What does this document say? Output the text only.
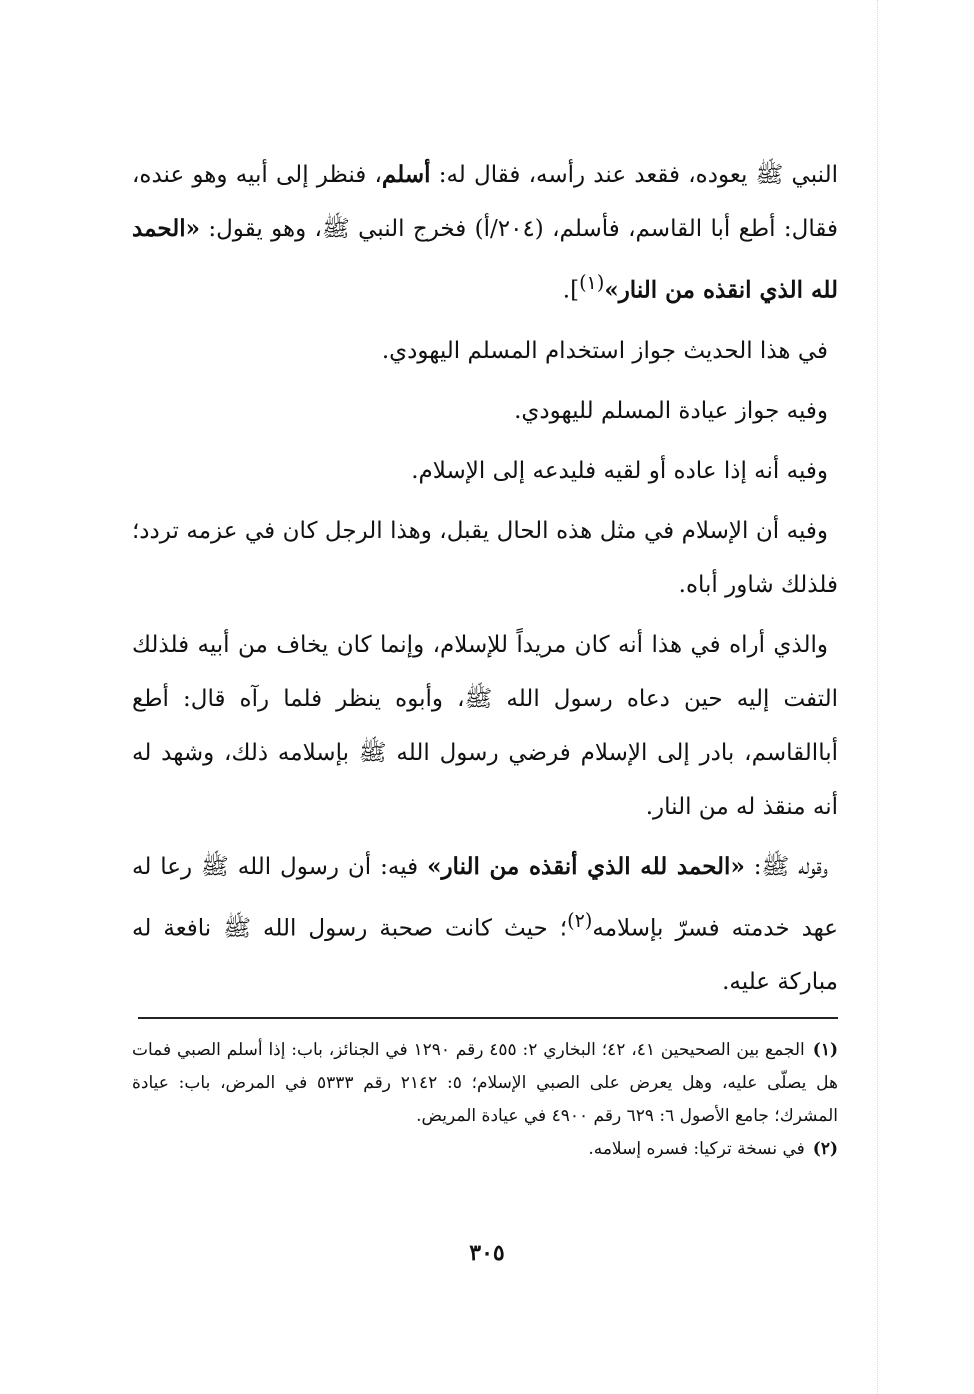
النبي ﷺ يعوده، فقعد عند رأسه، فقال له: أسلم، فنظر إلى أبيه وهو عنده، فقال: أطع أبا القاسم، فأسلم، (٢٠٤/أ) فخرج النبي ﷺ، وهو يقول: «الحمد لله الذي انقذه من النار»$^{(١)}$].

في هذا الحديث جواز استخدام المسلم اليهودي.

وفيه جواز عيادة المسلم لليهودي.

وفيه أنه إذا عاده أو لقيه فليدعه إلى الإسلام.

وفيه أن الإسلام في مثل هذه الحال يقبل، وهذا الرجل كان في عزمه تردد؛ فلذلك شاور أباه.

والذي أراه في هذا أنه كان مريداً للإسلام، وإنما كان يخاف من أبيه فلذلك التفت إليه حين دعاه رسول الله ﷺ، وأبوه ينظر فلما رآه قال: أطع أباالقاسم، بادر إلى الإسلام فرضي رسول الله ﷺ بإسلامه ذلك، وشهد له أنه منقذ له من النار.

وقوله ﷺ: «الحمد لله الذي أنقذه من النار» فيه: أن رسول الله ﷺ رعا له عهد خدمته فسرّ بإسلامه$^{(٢)}$؛ حيث كانت صحبة رسول الله ﷺ نافعة له مباركة عليه.

(١)الجمع بين الصحيحين ٤١، ٤٢؛ البخاري ٢: ٤٥٥ رقم ١٢٩٠ في الجنائز، باب: إذا أسلم الصبي فمات هل يصلّى عليه، وهل يعرض على الصبي الإسلام؛ ٥: ٢١٤٢ رقم ٥٣٣٣ في المرض، باب: عيادة المشرك؛ جامع الأصول ٦: ٦٢٩ رقم ٤٩٠٠ في عيادة المريض.

(٢)في نسخة تركيا: فسره إسلامه.

٣٠٥
